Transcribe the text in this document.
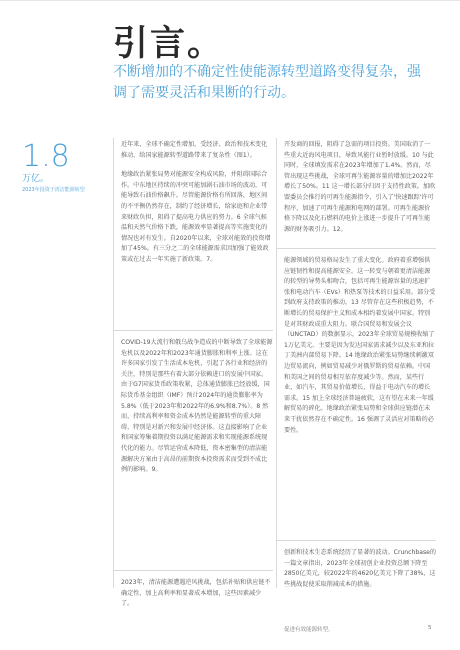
引言。
不断增加的不确定性使能源转型道路变得复杂，强调了需要灵活和果断的行动。
1.8
万亿。
2023年投资于清洁能源转型

近年来，全球不确定性增加，受经济、政治和技术变化推动，给国家能源转型道路带来了复杂性（图1）。

地缘政治紧张局势对能源安全构成风险，并阻碍国际合作。中东地区持续的冲突可能加剧石油市场的波动，可能导致石油价格飙升。尽管能源价格有所回落，地区间的不平衡仍然存在，制约了经济增长，给家庭和企业带来财政负担，阻碍了提高电力供应的努力。6 全球气候温和天然气价格下跌，能源效率显著提高等实施变化的情况也对有发生。自2020年以来，全球对能效的投资增加了45%。有三分之二的全球能源需求因加强了能效政策或在过去一年实施了新政策。7。

COVID-19大流行和俄乌战争造成的中断导致了全球能源危机以及2022年和2023年通货膨胀和利率上涨。这在许多国家引发了生活成本危机，引起了各行业和经济的关注，特别是那些有着大部分依赖进口的发展中国家。由于G7国家货币政策收紧，总体通货膨胀已经放缓，国际货币基金组织（IMF）预计2024年的通货膨胀率为5.8%（低于2023年和2022年的6.9%和8.7%）。8 然而，持续高利率和资金成本仍然是能源转型的重大障碍，特别是对新兴和发展中经济体。这直接影响了企业和国家筹集着期投资以满足能源需求和实现能源系统现代化的能力。尽管运营成本降低，资本密集型的清洁能源解决方案由于高昂的前期资本投资需求而受到不成比例的影响。9。

2023年，清洁能源遭遇逆风挑战，包括补贴和供应链不确定性、加上高利率和显著成本增加，这些因素减少了。

开发商的回报，阻碍了急需的项目投资。美国取消了一些重大近海风电项目，导致风能行业暂时放缓。10 与此同时，全球填发需求在2023年增加了1.4%。然而，尽管出现这些挑战，全球可再生能源容量的增加比2022年增长了50%。11 这一增长部分归因于支持性政策。加欧盟委员会推行的可再生能源指令，引入了'快速跟踪'许可程序，加速了可再生能源和电网的部署。可再生能源价格下降以及化石燃料的电价上涨进一步提升了可再生能源的财务吸引力。12。

能源领域的贸易格局发生了重大变化。政府着重增强供应链韧性和提高能源安全。这一转变与朝着更清洁能源的转型的导势头相吻合，包括可再生能源容量的迅速扩张和电动汽车（EVs）和热泵等技术的日益采用。部分受到政府支持政策的推动。13 尽管存在这些积极趋势，不断增长的贸易保护主义和成本相约着发展中国家。特别是对其财政成重大阻力。联合国贸易和发展会议（UNCTAD）的数据显示，2023年全球贸易规模收缩了1万亿美元。主要是因为发达国家需求减少以及东亚和拉丁美洲内部贸易下降。14 地缘政治紧张局势继续刺激双边贸易流向，例如贸易减少对俄罗斯的贸易依赖。中国和美国之间的贸易相互依存度减少等。然而，某些行业，如汽车，其贸易价值增长，得益于电动汽车的增长需求。15 加上全球经济普遍疲软，这有望在未来一年缓解贸易的碎化。地缘政治紧张局势和全球供应链潜在未来干扰依然存在不确定性。16 强调了灵活应对策略的必要性。

创新和技术生态系统经历了显著的波动。Crunchbase的一篇文章指出，2023年全球初创企业投资总额下降至2850亿美元，较2022年的4620亿美元下降了38%，这些挑战促使采取削减成本的措施。

促进有效能源转型。	5
